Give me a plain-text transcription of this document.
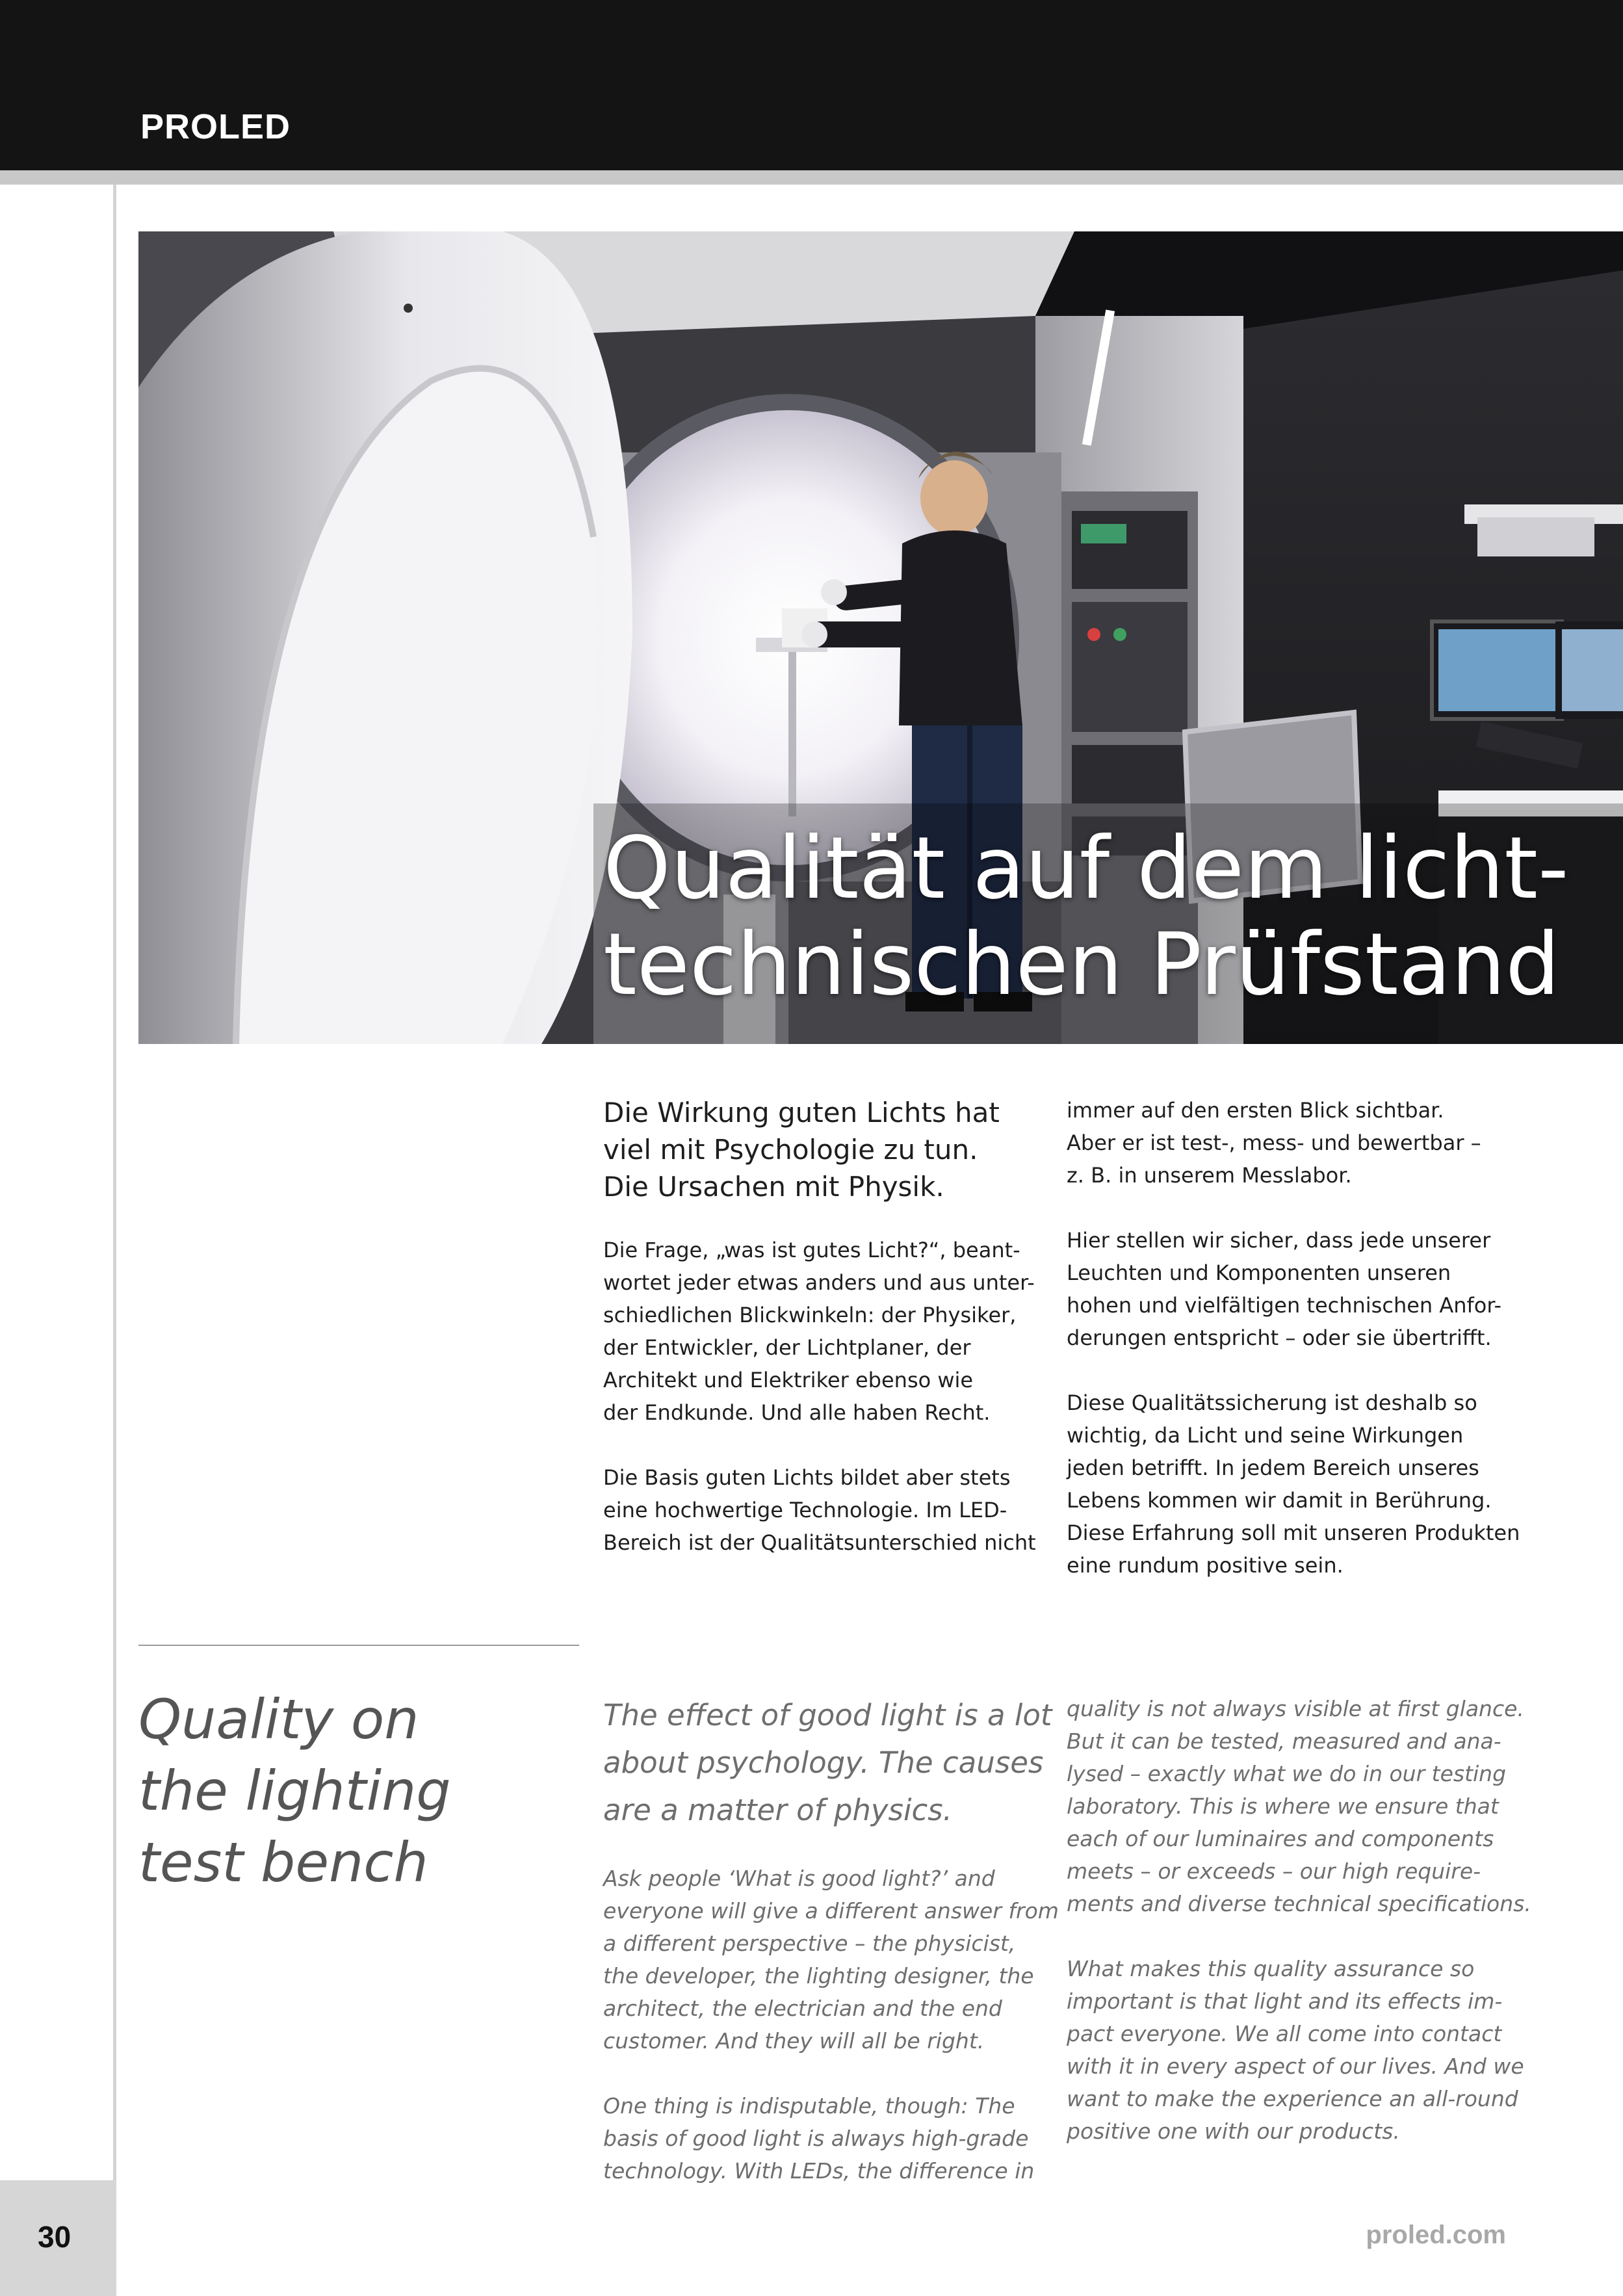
PROLED
Qualität auf dem licht-
technischen Prüfstand
Die Wirkung guten Lichts hat
viel mit Psychologie zu tun.
Die Ursachen mit Physik.
Die Frage, „was ist gutes Licht?“, beant-
wortet jeder etwas anders und aus unter-
schiedlichen Blickwinkeln: der Physiker,
der Entwickler, der Lichtplaner, der
Architekt und Elektriker ebenso wie
der Endkunde. Und alle haben Recht.
Die Basis guten Lichts bildet aber stets
eine hochwertige Technologie. Im LED-
Bereich ist der Qualitätsunterschied nicht
immer auf den ersten Blick sichtbar.
Aber er ist test-, mess- und bewertbar –
z. B. in unserem Messlabor.
Hier stellen wir sicher, dass jede unserer
Leuchten und Komponenten unseren
hohen und vielfältigen technischen Anfor-
derungen entspricht – oder sie übertrifft.
Diese Qualitätssicherung ist deshalb so
wichtig, da Licht und seine Wirkungen
jeden betrifft. In jedem Bereich unseres
Lebens kommen wir damit in Berührung.
Diese Erfahrung soll mit unseren Produkten
eine rundum positive sein.
Quality on
the lighting
test bench
The effect of good light is a lot
about psychology. The causes
are a matter of physics.
Ask people ‘What is good light?’ and
everyone will give a different answer from
a different perspective – the physicist,
the developer, the lighting designer, the
architect, the electrician and the end
customer. And they will all be right.
One thing is indisputable, though: The
basis of good light is always high-grade
technology. With LEDs, the difference in
quality is not always visible at first glance.
But it can be tested, measured and ana-
lysed – exactly what we do in our testing
laboratory. This is where we ensure that
each of our luminaires and components
meets – or exceeds – our high require-
ments and diverse technical specifications.
What makes this quality assurance so
important is that light and its effects im-
pact everyone. We all come into contact
with it in every aspect of our lives. And we
want to make the experience an all-round
positive one with our products.
30	proled.com
